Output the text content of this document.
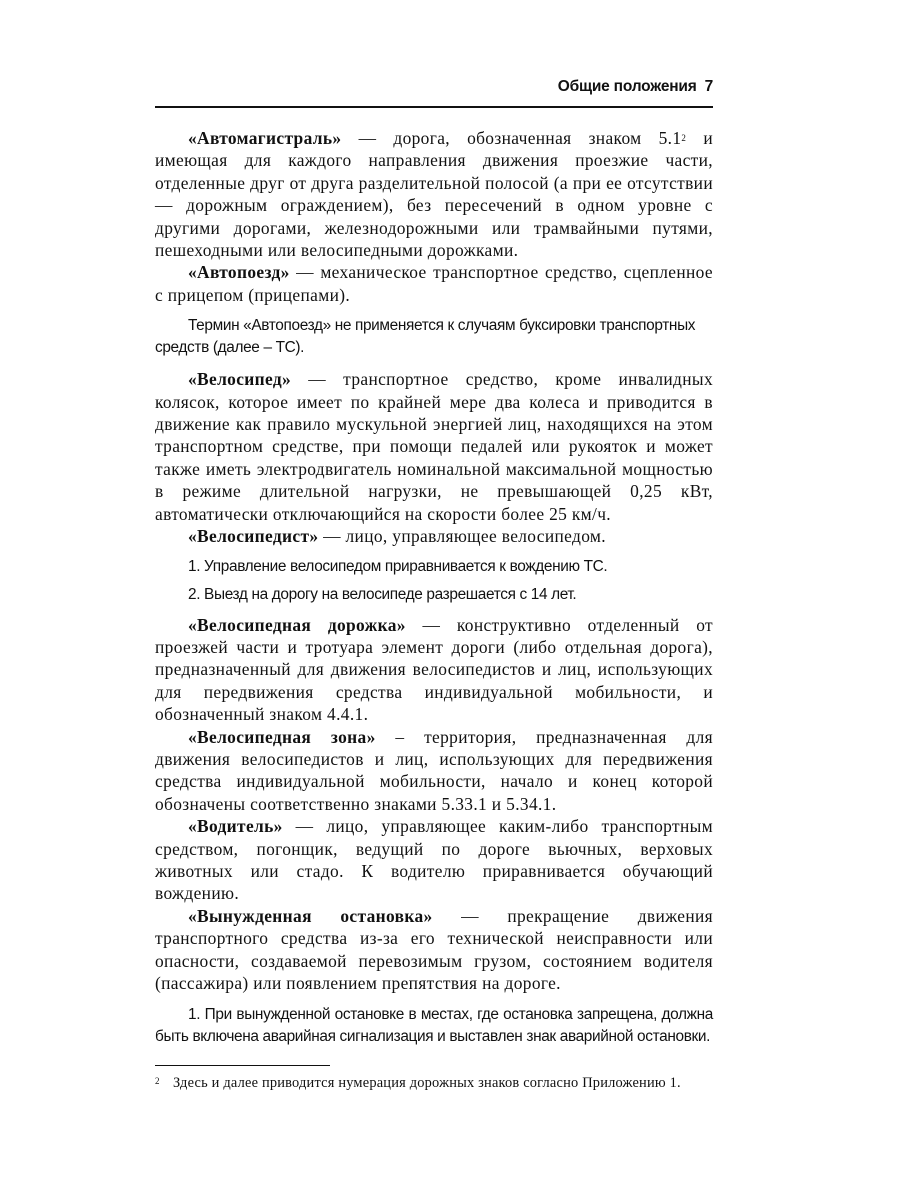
Общие положения 7

«Автомагистраль» — дорога, обозначенная знаком $5.1^2$ и имеющая для каждого направления движения проезжие части, отделенные друг от друга разделительной полосой (а при ее отсутствии — дорожным ограждением), без пересечений в одном уровне с другими дорогами, железнодорожными или трамвайными путями, пешеходными или велосипедными дорожками.

«Автопоезд» — механическое транспортное средство, сцепленное с прицепом (прицепами).

Термин «Автопоезд» не применяется к случаям буксировки транспортных средств (далее – ТС).

«Велосипед» — транспортное средство, кроме инвалидных колясок, которое имеет по крайней мере два колеса и приводится в движение как правило мускульной энергией лиц, находящихся на этом транспортном средстве, при помощи педалей или рукояток и может также иметь электродвигатель номинальной максимальной мощностью в режиме длительной нагрузки, не превышающей 0,25 кВт, автоматически отключающийся на скорости более 25 км/ч.

«Велосипедист» — лицо, управляющее велосипедом.

1. Управление велосипедом приравнивается к вождению ТС.

2. Выезд на дорогу на велосипеде разрешается с 14 лет.

«Велосипедная дорожка» — конструктивно отделенный от проезжей части и тротуара элемент дороги (либо отдельная дорога), предназначенный для движения велосипедистов и лиц, использующих для передвижения средства индивидуальной мобильности, и обозначенный знаком 4.4.1.

«Велосипедная зона» – территория, предназначенная для движения велосипедистов и лиц, использующих для передвижения средства индивидуальной мобильности, начало и конец которой обозначены соответственно знаками 5.33.1 и 5.34.1.

«Водитель» — лицо, управляющее каким-либо транспортным средством, погонщик, ведущий по дороге вьючных, верховых животных или стадо. К водителю приравнивается обучающий вождению.

«Вынужденная остановка» — прекращение движения транспортного средства из-за его технической неисправности или опасности, создаваемой перевозимым грузом, состоянием водителя (пассажира) или появлением препятствия на дороге.

1. При вынужденной остановке в местах, где остановка запрещена, должна быть включена аварийная сигнализация и выставлен знак аварийной остановки.

$^2$ Здесь и далее приводится нумерация дорожных знаков согласно Приложению 1.
